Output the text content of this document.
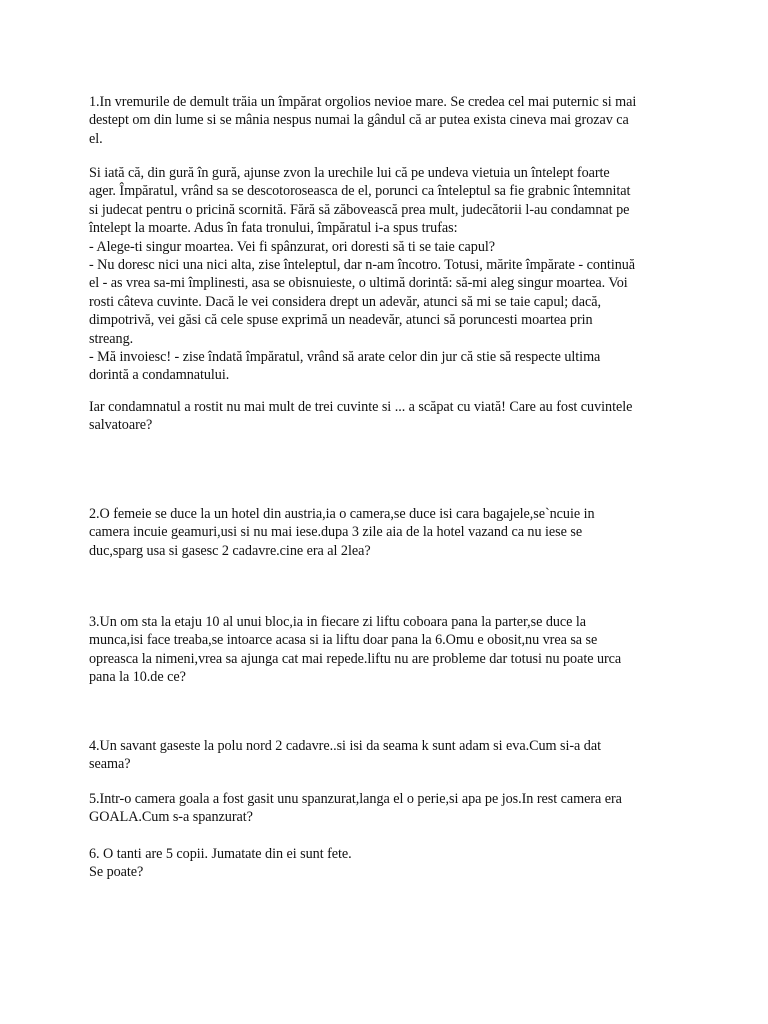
1.In vremurile de demult trăia un împărat orgolios nevioe mare. Se credea cel mai puternic si mai
destept om din lume si se mânia nespus numai la gândul că ar putea exista cineva mai grozav ca
el.
Si iată că, din gură în gură, ajunse zvon la urechile lui că pe undeva vietuia un întelept foarte
ager. Împăratul, vrând sa se descotoroseasca de el, porunci ca înteleptul sa fie grabnic întemnitat
si judecat pentru o pricină scornită. Fără să zăbovească prea mult, judecătorii l-au condamnat pe
întelept la moarte. Adus în fata tronului, împăratul i-a spus trufas:
- Alege-ti singur moartea. Vei fi spânzurat, ori doresti să ti se taie capul?
- Nu doresc nici una nici alta, zise înteleptul, dar n-am încotro. Totusi, mărite împărate - continuă
el - as vrea sa-mi împlinesti, asa se obisnuieste, o ultimă dorintă: să-mi aleg singur moartea. Voi
rosti câteva cuvinte. Dacă le vei considera drept un adevăr, atunci să mi se taie capul; dacă,
dimpotrivă, vei găsi că cele spuse exprimă un neadevăr, atunci să poruncesti moartea prin
streang.
- Mă invoiesc! - zise îndată împăratul, vrând să arate celor din jur că stie să respecte ultima
dorintă a condamnatului.
Iar condamnatul a rostit nu mai mult de trei cuvinte si ... a scăpat cu viată! Care au fost cuvintele
salvatoare?
2.O femeie se duce la un hotel din austria,ia o camera,se duce isi cara bagajele,se`ncuie in
camera incuie geamuri,usi si nu mai iese.dupa 3 zile aia de la hotel vazand ca nu iese se
duc,sparg usa si gasesc 2 cadavre.cine era al 2lea?
3.Un om sta la etaju 10 al unui bloc,ia in fiecare zi liftu coboara pana la parter,se duce la
munca,isi face treaba,se intoarce acasa si ia liftu doar pana la 6.Omu e obosit,nu vrea sa se
opreasca la nimeni,vrea sa ajunga cat mai repede.liftu nu are probleme dar totusi nu poate urca
pana la 10.de ce?
4.Un savant gaseste la polu nord 2 cadavre..si isi da seama k sunt adam si eva.Cum si-a dat
seama?
5.Intr-o camera goala a fost gasit unu spanzurat,langa el o perie,si apa pe jos.In rest camera era
GOALA.Cum s-a spanzurat?
6. O tanti are 5 copii. Jumatate din ei sunt fete.
Se poate?
